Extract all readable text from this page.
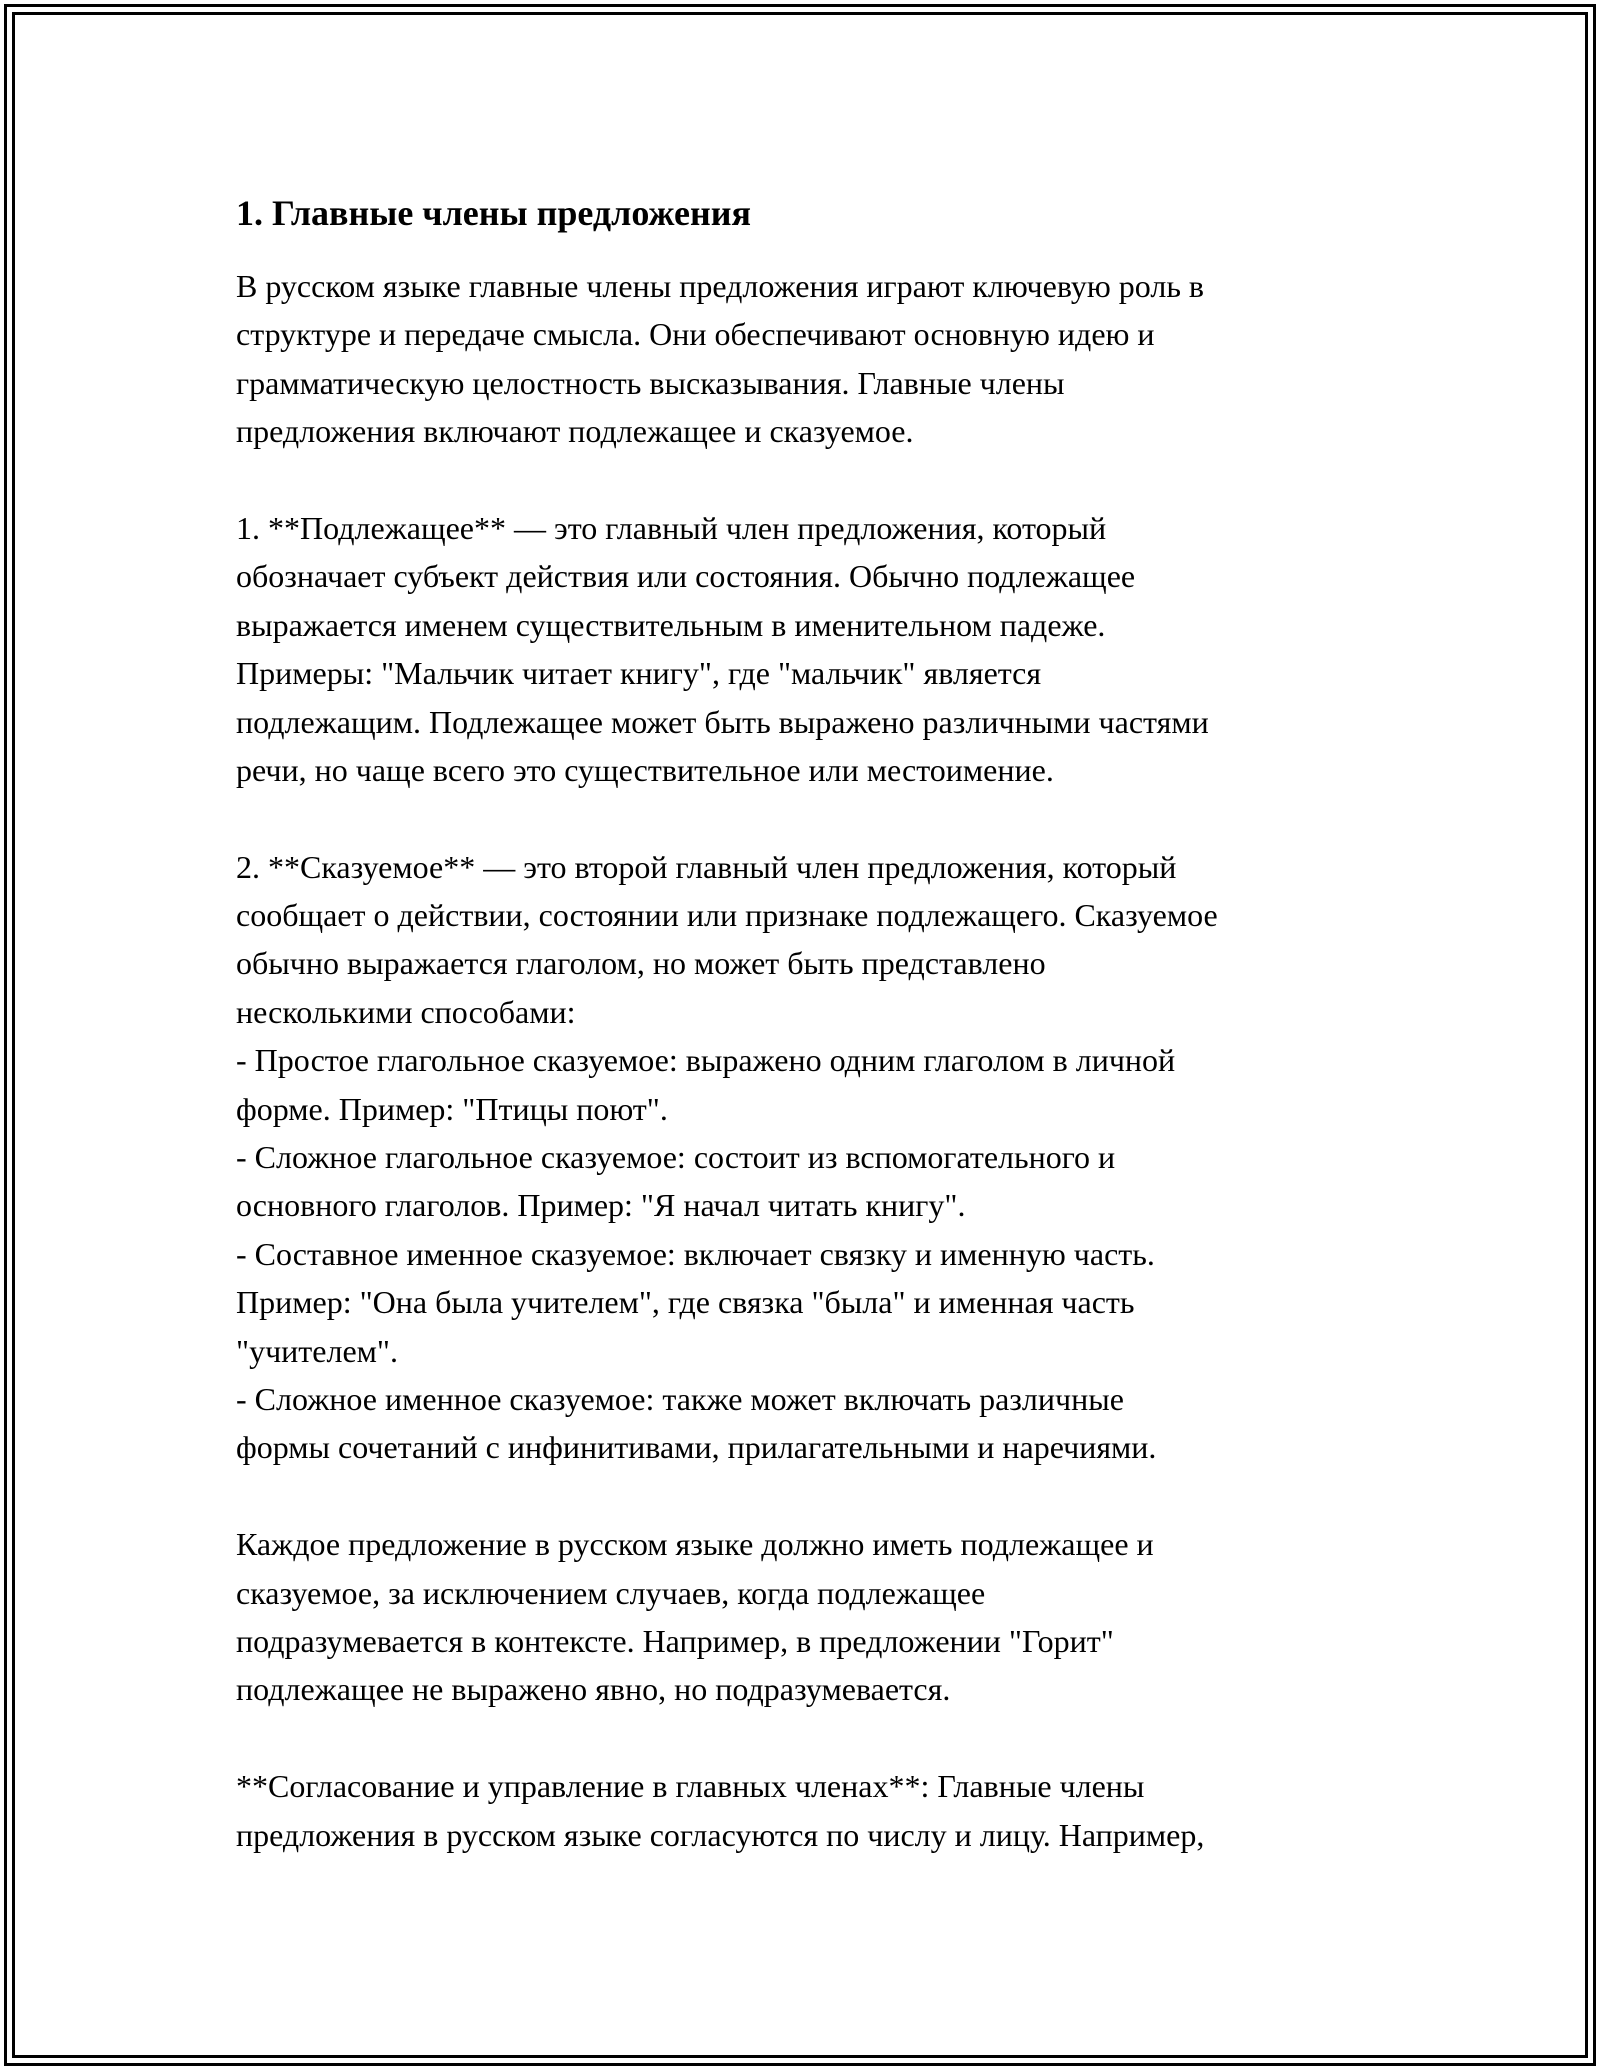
1. Главные члены предложения
В русском языке главные члены предложения играют ключевую роль в
структуре и передаче смысла. Они обеспечивают основную идею и
грамматическую целостность высказывания. Главные члены
предложения включают подлежащее и сказуемое.
1. **Подлежащее** — это главный член предложения, который
обозначает субъект действия или состояния. Обычно подлежащее
выражается именем существительным в именительном падеже.
Примеры: "Мальчик читает книгу", где "мальчик" является
подлежащим. Подлежащее может быть выражено различными частями
речи, но чаще всего это существительное или местоимение.
2. **Сказуемое** — это второй главный член предложения, который
сообщает о действии, состоянии или признаке подлежащего. Сказуемое
обычно выражается глаголом, но может быть представлено
несколькими способами:
- Простое глагольное сказуемое: выражено одним глаголом в личной
форме. Пример: "Птицы поют".
- Сложное глагольное сказуемое: состоит из вспомогательного и
основного глаголов. Пример: "Я начал читать книгу".
- Составное именное сказуемое: включает связку и именную часть.
Пример: "Она была учителем", где связка "была" и именная часть
"учителем".
- Сложное именное сказуемое: также может включать различные
формы сочетаний с инфинитивами, прилагательными и наречиями.
Каждое предложение в русском языке должно иметь подлежащее и
сказуемое, за исключением случаев, когда подлежащее
подразумевается в контексте. Например, в предложении "Горит"
подлежащее не выражено явно, но подразумевается.
**Согласование и управление в главных членах**: Главные члены
предложения в русском языке согласуются по числу и лицу. Например,
